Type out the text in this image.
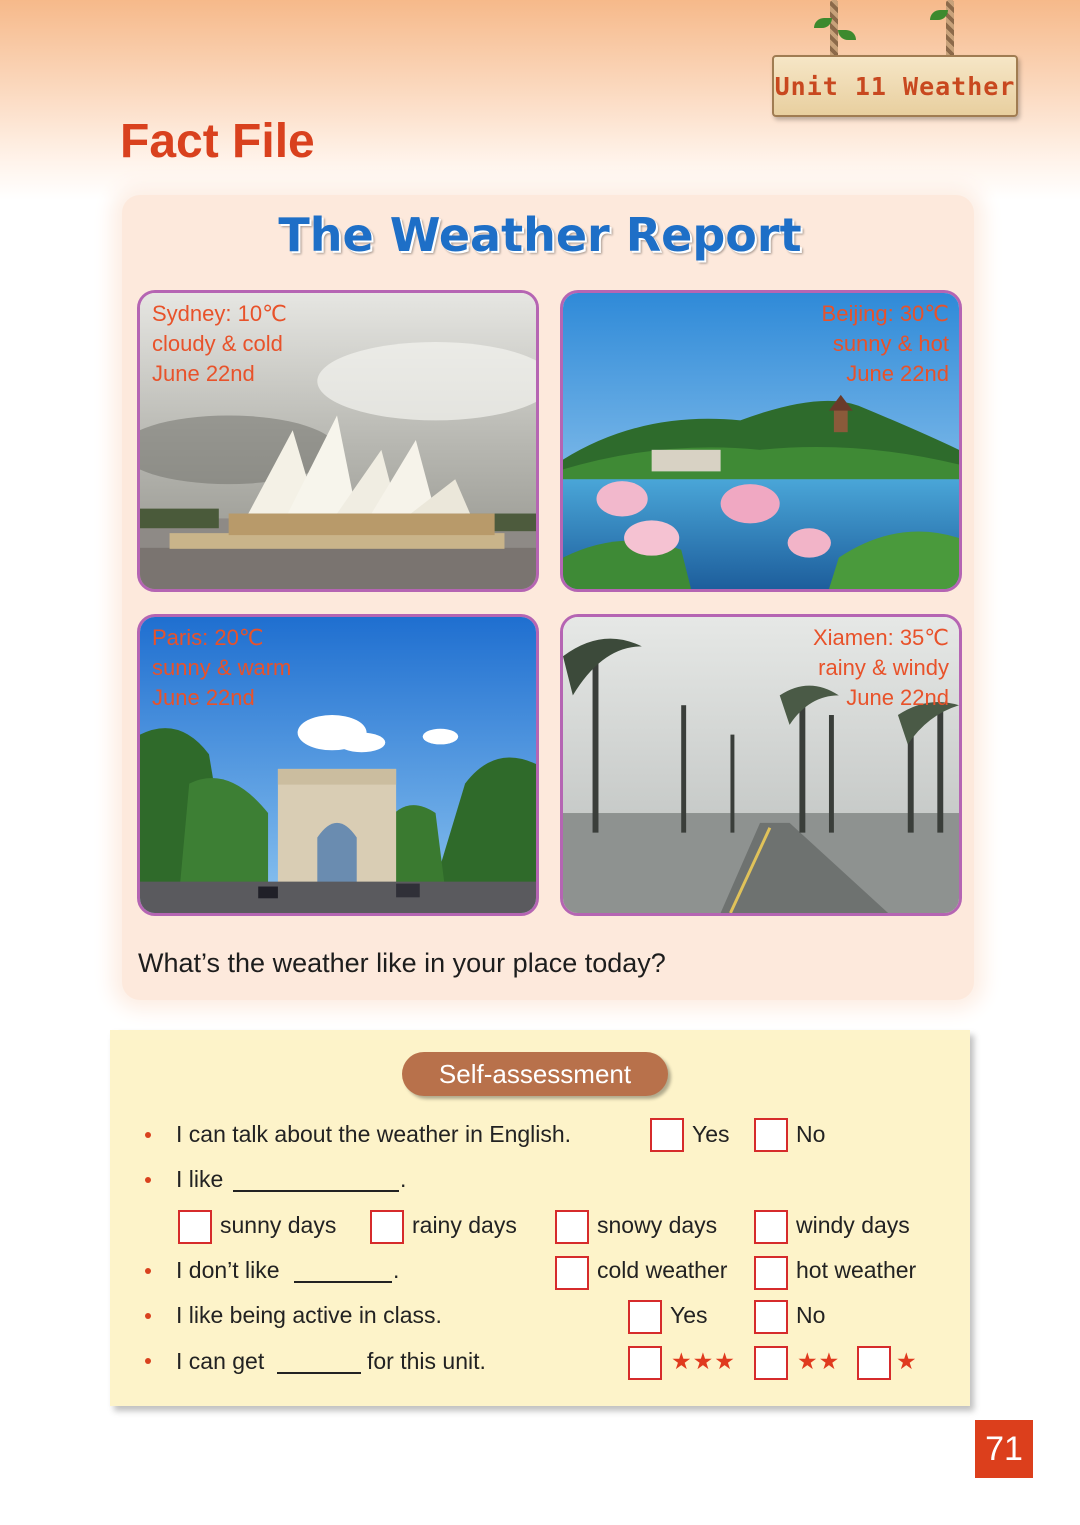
Unit 11 Weather
Fact File
The Weather Report
Sydney: 10℃
cloudy & cold
June 22nd
Beijing: 30℃
sunny & hot
June 22nd
Paris: 20℃
sunny & warm
June 22nd
Xiamen: 35℃
rainy & windy
June 22nd
What’s the weather like in your place today?
Self-assessment
I can talk about the weather in English.	Yes	No
I like	.
sunny days	rainy days	snowy days	windy days
I don’t like	.	cold weather	hot weather
I like being active in class.	Yes	No
I can get	for this unit.	★★★	★★ ★
71
